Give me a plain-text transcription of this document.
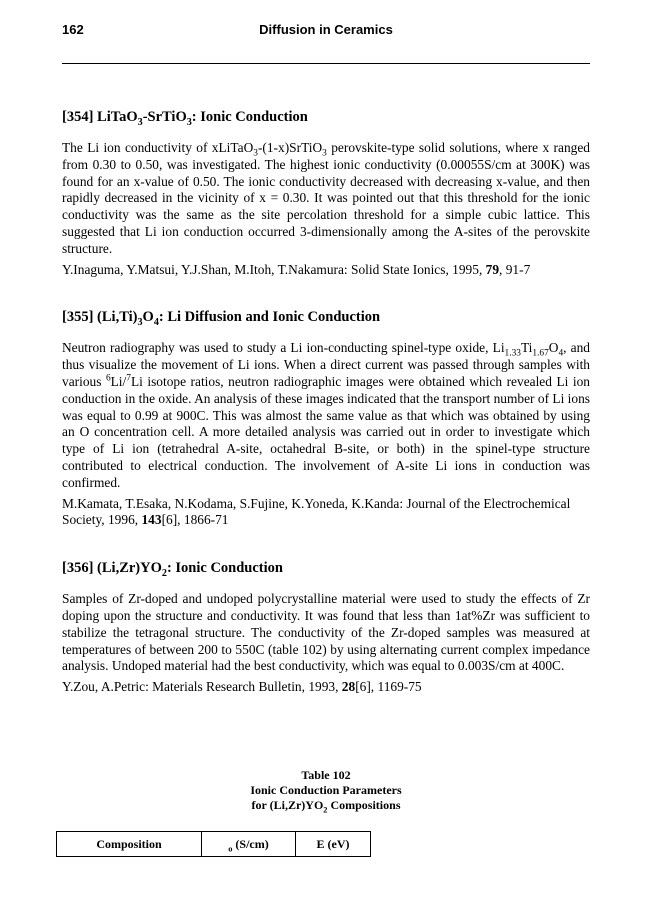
162	Diffusion in Ceramics
[354] LiTaO$_3$-SrTiO$_3$: Ionic Conduction

The Li ion conductivity of xLiTaO$_3$-(1-x)SrTiO$_3$ perovskite-type solid solutions, where x ranged from 0.30 to 0.50, was investigated. The highest ionic conductivity (0.00055S/cm at 300K) was found for an x-value of 0.50. The ionic conductivity decreased with decreasing x-value, and then rapidly decreased in the vicinity of x = 0.30. It was pointed out that this threshold for the ionic conductivity was the same as the site percolation threshold for a simple cubic lattice. This suggested that Li ion conduction occurred 3-dimensionally among the A-sites of the perovskite structure.

Y.Inaguma, Y.Matsui, Y.J.Shan, M.Itoh, T.Nakamura: Solid State Ionics, 1995, 79, 91-7

[355] $(Li,Ti)_3O_4$: Li Diffusion and Ionic Conduction

Neutron radiography was used to study a Li ion-conducting spinel-type oxide, $Li_{1.33}Ti_{1.67}O_4$, and thus visualize the movement of Li ions. When a direct current was passed through samples with various $^6$Li/$^7$Li isotope ratios, neutron radiographic images were obtained which revealed Li ion conduction in the oxide. An analysis of these images indicated that the transport number of Li ions was equal to 0.99 at 900C. This was almost the same value as that which was obtained by using an O concentration cell. A more detailed analysis was carried out in order to investigate which type of Li ion (tetrahedral A-site, octahedral B-site, or both) in the spinel-type structure contributed to electrical conduction. The involvement of A-site Li ions in conduction was confirmed.

M.Kamata, T.Esaka, N.Kodama, S.Fujine, K.Yoneda, K.Kanda: Journal of the Electrochemical Society, 1996, 143[6], 1866-71

[356] $(Li,Zr)YO_2$: Ionic Conduction

Samples of Zr-doped and undoped polycrystalline material were used to study the effects of Zr doping upon the structure and conductivity. It was found that less than 1at%Zr was sufficient to stabilize the tetragonal structure. The conductivity of the Zr-doped samples was measured at temperatures of between 200 to 550C (table 102) by using alternating current complex impedance analysis. Undoped material had the best conductivity, which was equal to 0.003S/cm at 400C.

Y.Zou, A.Petric: Materials Research Bulletin, 1993, 28[6], 1169-75

Table 102
Ionic Conduction Parameters
for $(Li,Zr)YO_2$ Compositions
Composition	$_o$ (S/cm)	E (eV)
